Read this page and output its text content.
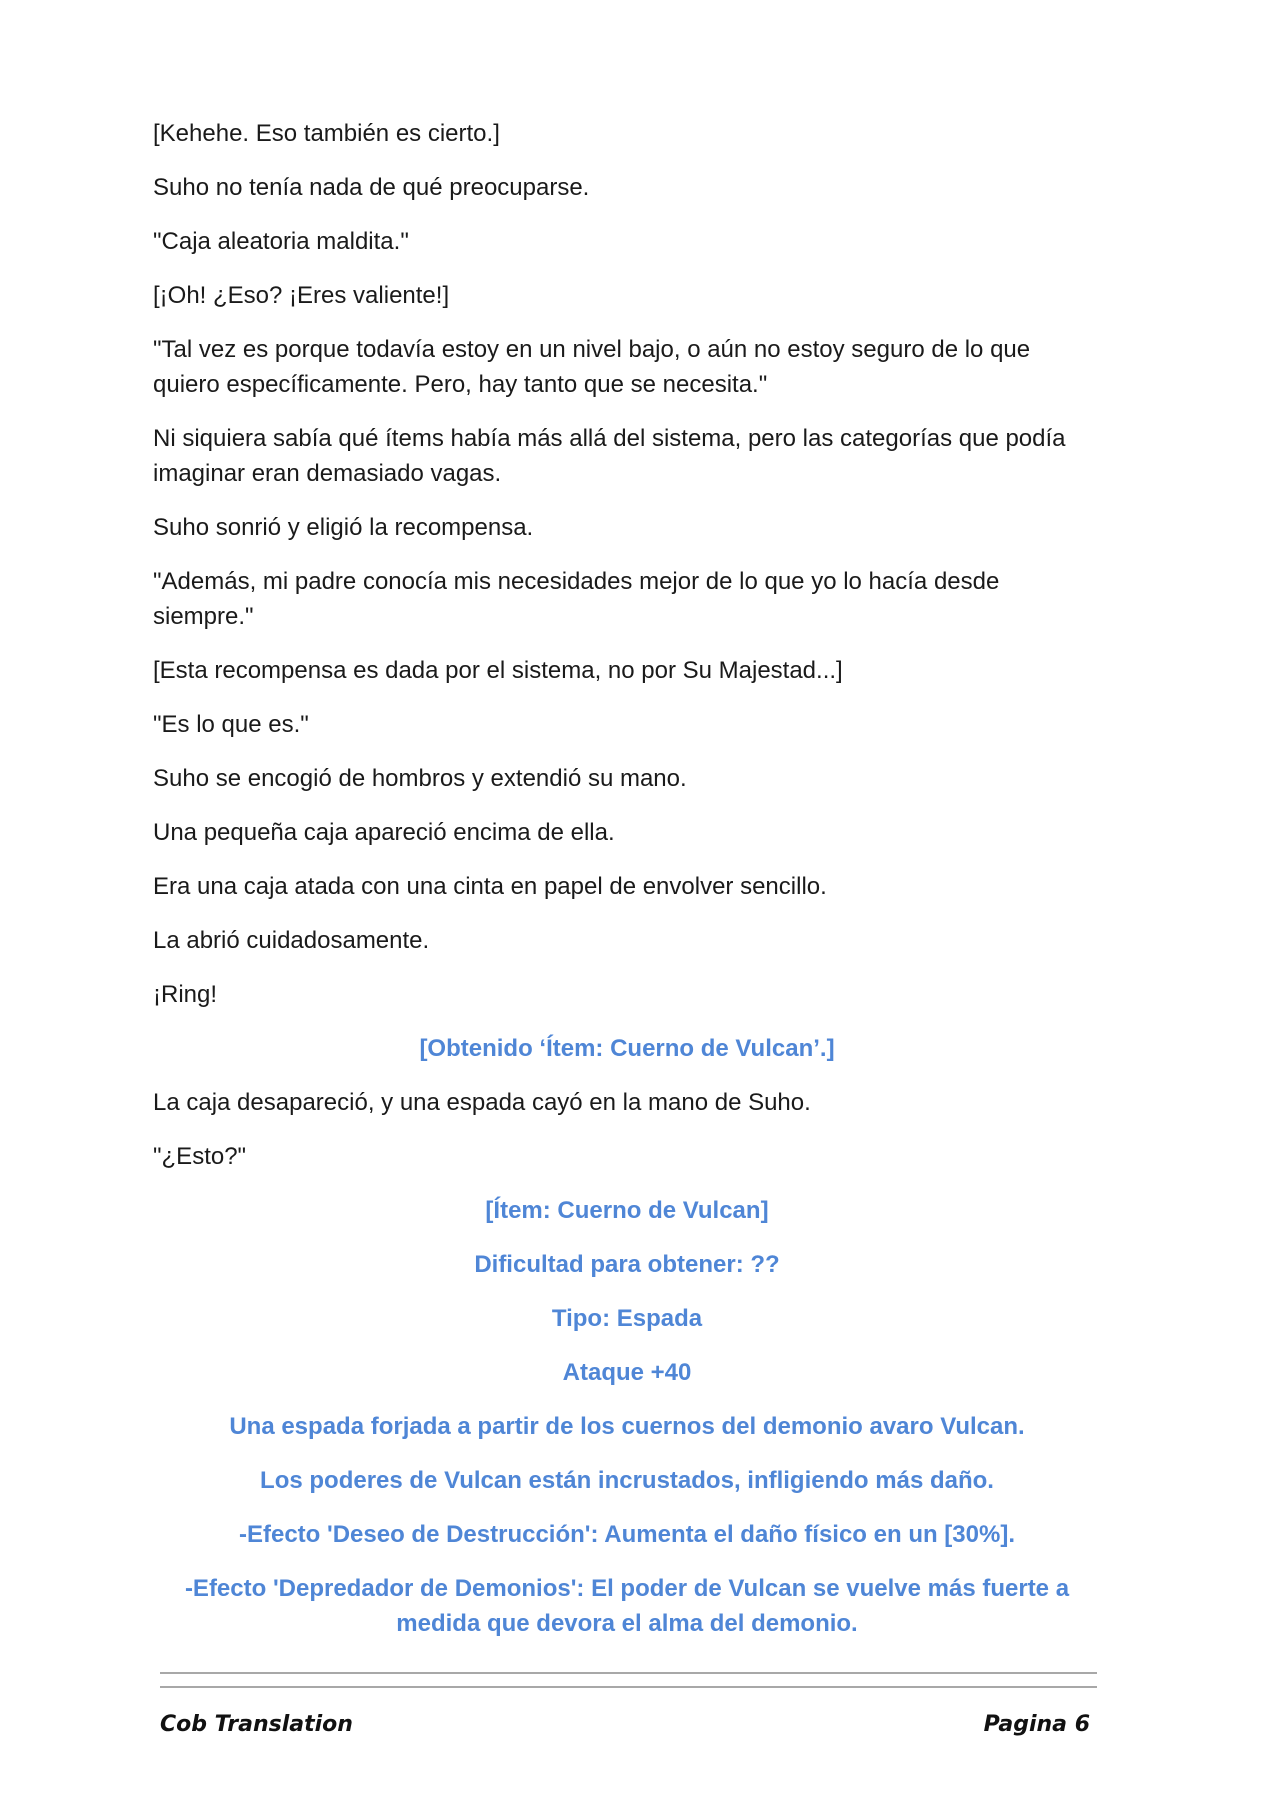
[Kehehe. Eso también es cierto.]

Suho no tenía nada de qué preocuparse.

"Caja aleatoria maldita."

[¡Oh! ¿Eso? ¡Eres valiente!]

"Tal vez es porque todavía estoy en un nivel bajo, o aún no estoy seguro de lo que quiero específicamente. Pero, hay tanto que se necesita."

Ni siquiera sabía qué ítems había más allá del sistema, pero las categorías que podía imaginar eran demasiado vagas.

Suho sonrió y eligió la recompensa.

"Además, mi padre conocía mis necesidades mejor de lo que yo lo hacía desde siempre."

[Esta recompensa es dada por el sistema, no por Su Majestad...]

"Es lo que es."

Suho se encogió de hombros y extendió su mano.

Una pequeña caja apareció encima de ella.

Era una caja atada con una cinta en papel de envolver sencillo.

La abrió cuidadosamente.

¡Ring!

[Obtenido ‘Ítem: Cuerno de Vulcan’.]

La caja desapareció, y una espada cayó en la mano de Suho.

"¿Esto?"

[Ítem: Cuerno de Vulcan]

Dificultad para obtener: ??

Tipo: Espada

Ataque +40

Una espada forjada a partir de los cuernos del demonio avaro Vulcan.

Los poderes de Vulcan están incrustados, infligiendo más daño.

-Efecto 'Deseo de Destrucción': Aumenta el daño físico en un [30%].

-Efecto 'Depredador de Demonios': El poder de Vulcan se vuelve más fuerte a medida que devora el alma del demonio.

Cob Translation	Pagina 6
